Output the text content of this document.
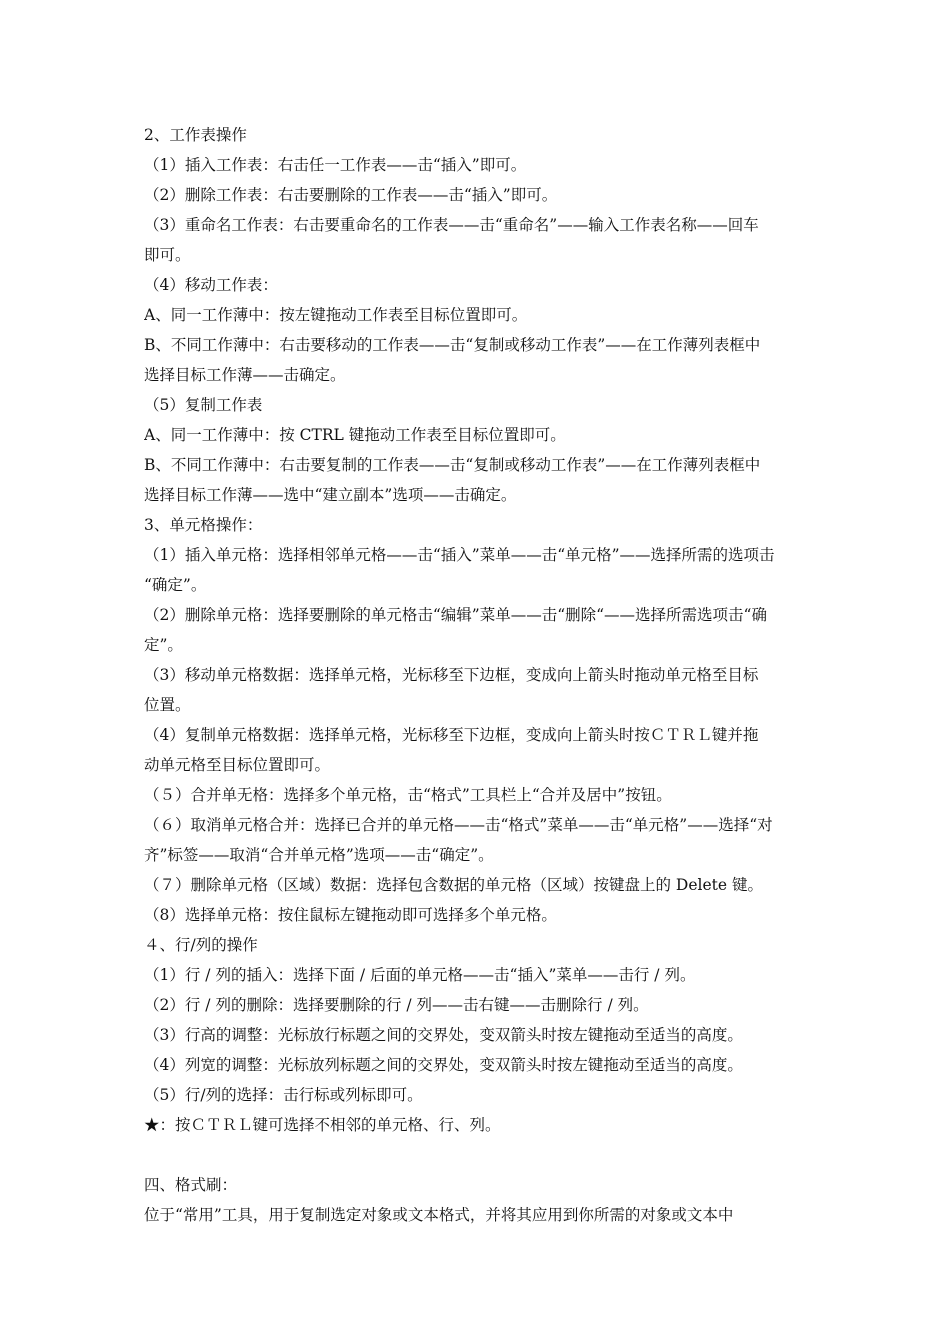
2、工作表操作
（1）插入工作表：右击任一工作表——击“插入”即可。
（2）删除工作表：右击要删除的工作表——击“插入”即可。
（3）重命名工作表：右击要重命名的工作表——击“重命名”——输入工作表名称——回车
即可。
（4）移动工作表：
A、同一工作薄中：按左键拖动工作表至目标位置即可。
B、不同工作薄中：右击要移动的工作表——击“复制或移动工作表”——在工作薄列表框中
选择目标工作薄——击确定。
（5）复制工作表
A、同一工作薄中：按 CTRL 键拖动工作表至目标位置即可。
B、不同工作薄中：右击要复制的工作表——击“复制或移动工作表”——在工作薄列表框中
选择目标工作薄——选中“建立副本”选项——击确定。
3、单元格操作：
（1）插入单元格：选择相邻单元格——击“插入”菜单——击“单元格”——选择所需的选项击
“确定”。
（2）删除单元格：选择要删除的单元格击“编辑”菜单——击“删除“——选择所需选项击“确
定”。
（3）移动单元格数据：选择单元格，光标移至下边框，变成向上箭头时拖动单元格至目标
位置。
（4）复制单元格数据：选择单元格，光标移至下边框，变成向上箭头时按ＣＴＲＬ键并拖
动单元格至目标位置即可。
（５）合并单无格：选择多个单元格，击“格式”工具栏上“合并及居中”按钮。
（６）取消单元格合并：选择已合并的单元格——击“格式”菜单——击“单元格”——选择“对
齐”标签——取消“合并单元格”选项——击“确定”。
（７）删除单元格（区域）数据：选择包含数据的单元格（区域）按键盘上的 Delete 键。
（8）选择单元格：按住鼠标左键拖动即可选择多个单元格。
４、行/列的操作
（1）行 / 列的插入：选择下面 / 后面的单元格——击“插入”菜单——击行 / 列。
（2）行 / 列的删除：选择要删除的行 / 列——击右键——击删除行 / 列。
（3）行高的调整：光标放行标题之间的交界处，变双箭头时按左键拖动至适当的高度。
（4）列宽的调整：光标放列标题之间的交界处，变双箭头时按左键拖动至适当的高度。
（5）行/列的选择：击行标或列标即可。
★：按ＣＴＲＬ键可选择不相邻的单元格、行、列。
四、格式刷：
位于“常用”工具，用于复制选定对象或文本格式，并将其应用到你所需的对象或文本中
